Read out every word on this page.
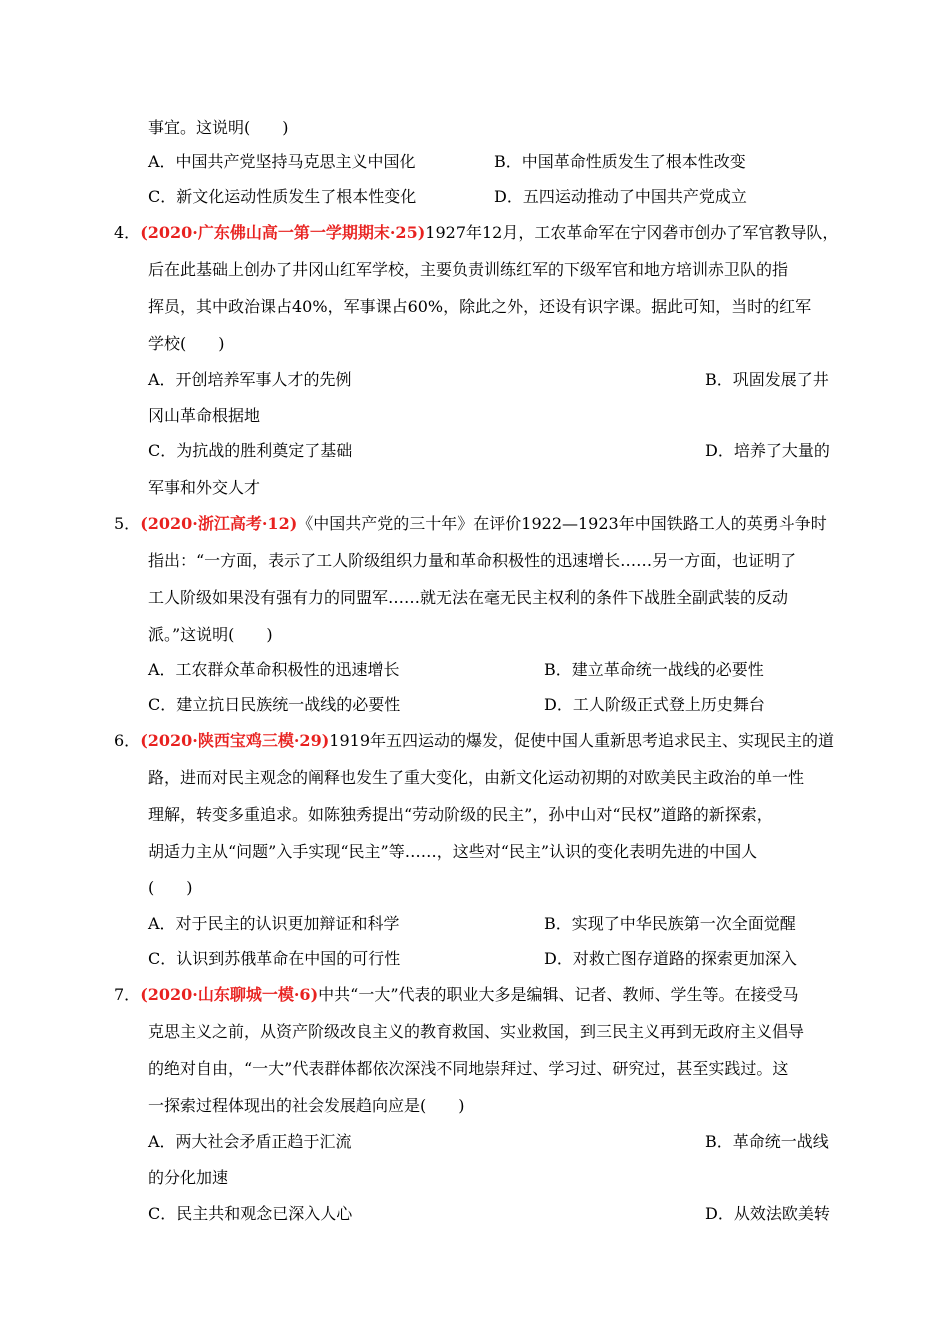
事宜。这说明(　　)
A．中国共产党坚持马克思主义中国化	B．中国革命性质发生了根本性改变
C．新文化运动性质发生了根本性变化	D．五四运动推动了中国共产党成立
4．(2020·广东佛山高一第一学期期末·25)1927年12月，工农革命军在宁冈砻市创办了军官教导队，
后在此基础上创办了井冈山红军学校，主要负责训练红军的下级军官和地方培训赤卫队的指
挥员，其中政治课占40%，军事课占60%，除此之外，还设有识字课。据此可知，当时的红军
学校(　　)
A．开创培养军事人才的先例	B．巩固发展了井
冈山革命根据地
C．为抗战的胜利奠定了基础	D．培养了大量的
军事和外交人才
5．(2020·浙江高考·12)《中国共产党的三十年》在评价1922—1923年中国铁路工人的英勇斗争时
指出：“一方面，表示了工人阶级组织力量和革命积极性的迅速增长……另一方面，也证明了
工人阶级如果没有强有力的同盟军……就无法在毫无民主权利的条件下战胜全副武装的反动
派。”这说明(　　)
A．工农群众革命积极性的迅速增长	B．建立革命统一战线的必要性
C．建立抗日民族统一战线的必要性	D．工人阶级正式登上历史舞台
6．(2020·陕西宝鸡三模·29)1919年五四运动的爆发，促使中国人重新思考追求民主、实现民主的道
路，进而对民主观念的阐释也发生了重大变化，由新文化运动初期的对欧美民主政治的单一性
理解，转变多重追求。如陈独秀提出“劳动阶级的民主”，孙中山对“民权”道路的新探索，
胡适力主从“问题”入手实现“民主”等……，这些对“民主”认识的变化表明先进的中国人
(　　)
A．对于民主的认识更加辩证和科学	B．实现了中华民族第一次全面觉醒
C．认识到苏俄革命在中国的可行性	D．对救亡图存道路的探索更加深入
7．(2020·山东聊城一模·6)中共“一大”代表的职业大多是编辑、记者、教师、学生等。在接受马
克思主义之前，从资产阶级改良主义的教育救国、实业救国，到三民主义再到无政府主义倡导
的绝对自由，“一大”代表群体都依次深浅不同地崇拜过、学习过、研究过，甚至实践过。这
一探索过程体现出的社会发展趋向应是(　　)
A．两大社会矛盾正趋于汇流	B．革命统一战线
的分化加速
C．民主共和观念已深入人心	D．从效法欧美转
